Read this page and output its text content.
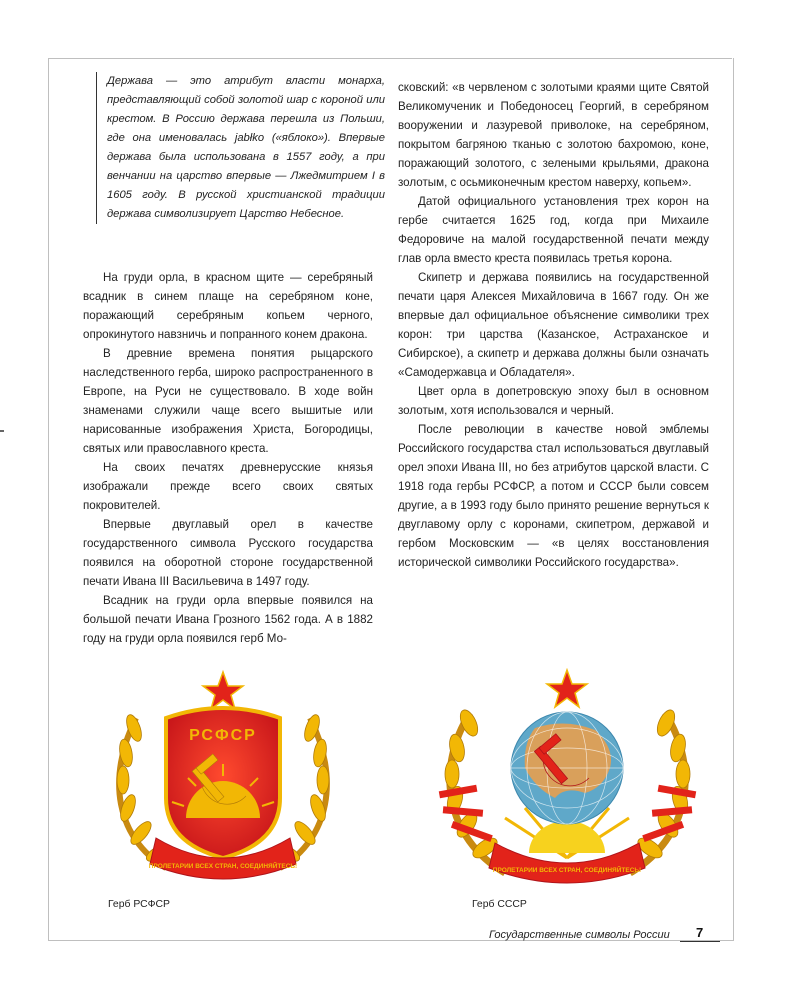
Держава — это атрибут власти монарха, представляющий собой золотой шар с короной или крестом. В Россию держава перешла из Польши, где она именовалась jabłko («яблоко»). Впервые держава была использована в 1557 году, а при венчании на царство впервые — Лжедмитрием I в 1605 году. В русской христианской традиции держава символизирует Царство Небесное.

На груди орла, в красном щите — серебряный всадник в синем плаще на серебряном коне, поражающий серебряным копьем черного, опрокинутого навзничь и попранного конем дракона.

В древние времена понятия рыцарского наследственного герба, широко распространенного в Европе, на Руси не существовало. В ходе войн знаменами служили чаще всего вышитые или нарисованные изображения Христа, Богородицы, святых или православного креста.

На своих печатях древнерусские князья изображали прежде всего своих святых покровителей.

Впервые двуглавый орел в качестве государственного символа Русского государства появился на оборотной стороне государственной печати Ивана III Васильевича в 1497 году.

Всадник на груди орла впервые появился на большой печати Ивана Грозного 1562 года. А в 1882 году на груди орла появился герб Мо-

сковский: «в червленом с золотыми краями щите Святой Великомученик и Победоносец Георгий, в серебряном вооружении и лазуревой приволоке, на серебряном, покрытом багряною тканью с золотою бахромою, коне, поражающий золотого, с зелеными крыльями, дракона золотым, с осьмиконечным крестом наверху, копьем».

Датой официального установления трех корон на гербе считается 1625 год, когда при Михаиле Федоровиче на малой государственной печати между глав орла вместо креста появилась третья корона.

Скипетр и держава появились на государственной печати царя Алексея Михайловича в 1667 году. Он же впервые дал официальное объяснение символики трех корон: три царства (Казанское, Астраханское и Сибирское), а скипетр и держава должны были означать «Самодержавца и Обладателя».

Цвет орла в допетровскую эпоху был в основном золотым, хотя использовался и черный.

После революции в качестве новой эмблемы Российского государства стал использоваться двуглавый орел эпохи Ивана III, но без атрибутов царской власти. С 1918 года гербы РСФСР, а потом и СССР были совсем другие, а в 1993 году было принято решение вернуться к двуглавому орлу с коронами, скипетром, державой и гербом Московским — «в целях восстановления исторической символики Российского государства».

РСФСР
ПРОЛЕТАРИИ ВСЕХ СТРАН, СОЕДИНЯЙТЕСЬ!
ПРОЛЕТАРИИ ВСЕХ СТРАН, СОЕДИНЯЙТЕСЬ!
Герб РСФСР	Герб СССР
Государственные символы России 7
